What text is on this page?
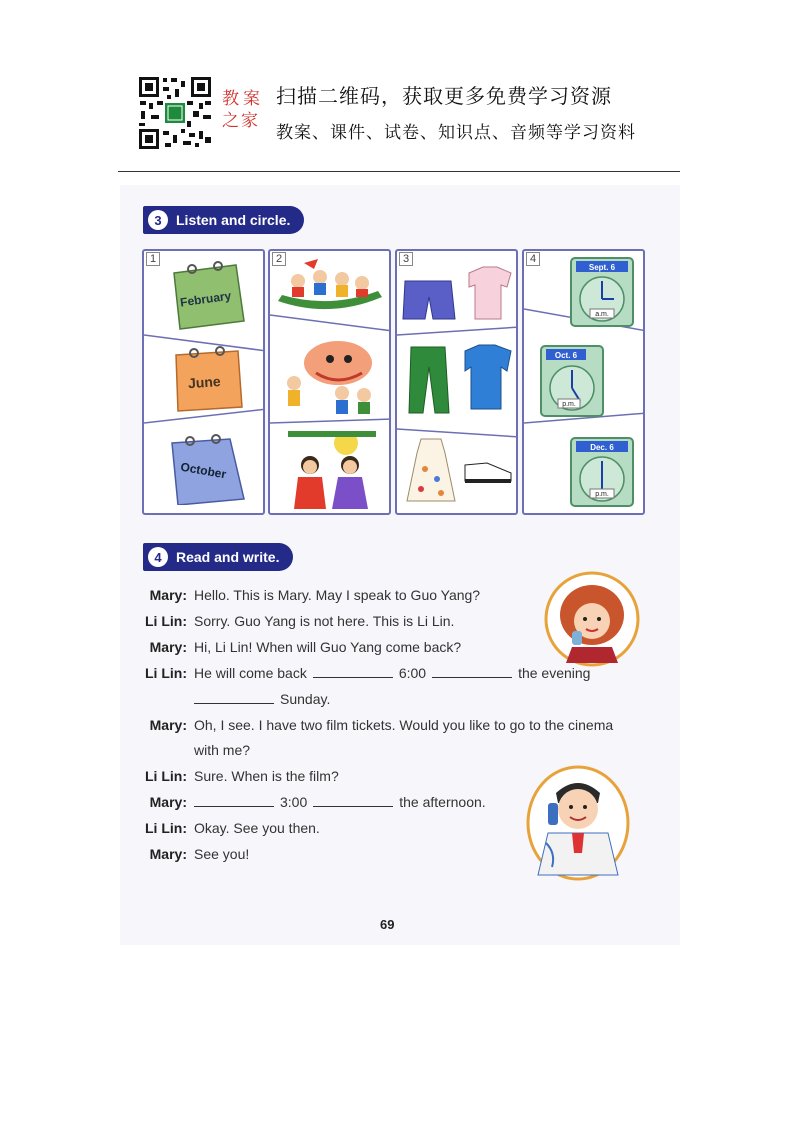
教案
之家
扫描二维码，获取更多免费学习资源
教案、课件、试卷、知识点、音频等学习资料
3	Listen and circle.
1
February
June
October
2	3	4
Sept. 6
a.m.
Oct. 6
p.m.
Dec. 6
p.m.
4	Read and write.
Mary: Hello. This is Mary. May I speak to Guo Yang?
Li Lin: Sorry. Guo Yang is not here. This is Li Lin.
Mary: Hi, Li Lin! When will Guo Yang come back?
Li Lin: He will come back	6:00	the evening
Sunday.
Mary: Oh, I see. I have two film tickets. Would you like to go to the cinema
with me?
Li Lin: Sure. When is the film?
Mary:	3:00	the afternoon.
Li Lin: Okay. See you then.
Mary: See you!
69
